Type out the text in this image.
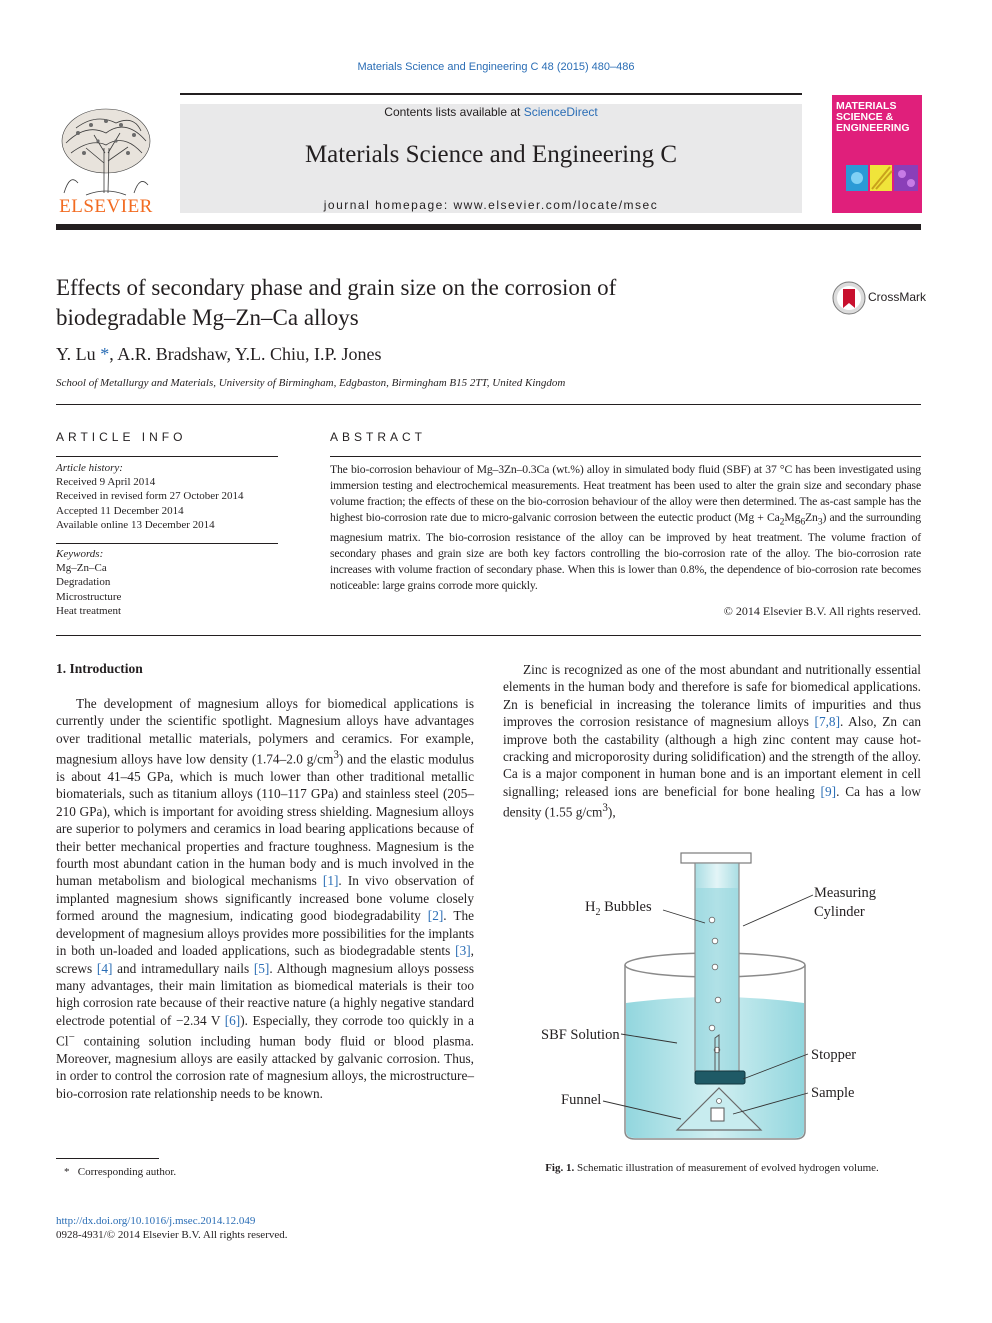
Materials Science and Engineering C 48 (2015) 480–486
Contents lists available at ScienceDirect
Materials Science and Engineering C
journal homepage: www.elsevier.com/locate/msec
ELSEVIER
MATERIALS
SCIENCE &
ENGINEERING
Effects of secondary phase and grain size on the corrosion of
biodegradable Mg–Zn–Ca alloys
CrossMark
Y. Lu *, A.R. Bradshaw, Y.L. Chiu, I.P. Jones
School of Metallurgy and Materials, University of Birmingham, Edgbaston, Birmingham B15 2TT, United Kingdom
ARTICLE INFO
Article history:
Received 9 April 2014
Received in revised form 27 October 2014
Accepted 11 December 2014
Available online 13 December 2014
Keywords:
Mg–Zn–Ca
Degradation
Microstructure
Heat treatment
ABSTRACT
The bio-corrosion behaviour of Mg–3Zn–0.3Ca (wt.%) alloy in simulated body fluid (SBF) at 37 °C has been investigated using immersion testing and electrochemical measurements. Heat treatment has been used to alter the grain size and secondary phase volume fraction; the effects of these on the bio-corrosion behaviour of the alloy were then determined. The as-cast sample has the highest bio-corrosion rate due to micro-galvanic corrosion between the eutectic product $(Mg + Ca_2Mg_6Zn_3)$ and the surrounding magnesium matrix. The bio-corrosion resistance of the alloy can be improved by heat treatment. The volume fraction of secondary phases and grain size are both key factors controlling the bio-corrosion rate of the alloy. The bio-corrosion rate increases with volume fraction of secondary phase. When this is lower than 0.8%, the dependence of bio-corrosion rate becomes noticeable: large grains corrode more quickly.
© 2014 Elsevier B.V. All rights reserved.
1. Introduction

The development of magnesium alloys for biomedical applications is currently under the scientific spotlight. Magnesium alloys have advantages over traditional metallic materials, polymers and ceramics. For example, magnesium alloys have low density (1.74–2.0 $g/cm^3$) and the elastic modulus is about 41–45 GPa, which is much lower than other traditional metallic biomaterials, such as titanium alloys (110–117 GPa) and stainless steel (205–210 GPa), which is important for avoiding stress shielding. Magnesium alloys are superior to polymers and ceramics in load bearing applications because of their better mechanical properties and fracture toughness. Magnesium is the fourth most abundant cation in the human body and is much involved in the human metabolism and biological mechanisms [1]. In vivo observation of implanted magnesium shows significantly increased bone volume closely formed around the magnesium, indicating good biodegradability [2]. The development of magnesium alloys provides more possibilities for the implants in both un-loaded and loaded applications, such as biodegradable stents [3], screws [4] and intramedullary nails [5]. Although magnesium alloys possess many advantages, their main limitation as biomedical materials is their too high corrosion rate because of their reactive nature (a highly negative standard electrode potential of −2.34 V [6]). Especially, they corrode too quickly in a Cl− containing solution including human body fluid or blood plasma. Moreover, magnesium alloys are easily attacked by galvanic corrosion. Thus, in order to control the corrosion rate of magnesium alloys, the microstructure–bio-corrosion rate relationship needs to be known.

Zinc is recognized as one of the most abundant and nutritionally essential elements in the human body and therefore is safe for biomedical applications. Zn is beneficial in increasing the tolerance limits of impurities and thus improves the corrosion resistance of magnesium alloys [7,8]. Also, Zn can improve both the castability (although a high zinc content may cause hot-cracking and microporosity during solidification) and the strength of the alloy. Ca is a major component in human bone and is an important element in cell signalling; released ions are beneficial for bone healing [9]. Ca has a low density (1.55 $g/cm^3$),

$H_2$ Bubbles
Measuring
Cylinder
SBF Solution
Stopper
Sample
Funnel
Fig. 1. Schematic illustration of measurement of evolved hydrogen volume.
* Corresponding author.
http://dx.doi.org/10.1016/j.msec.2014.12.049
0928-4931/© 2014 Elsevier B.V. All rights reserved.
